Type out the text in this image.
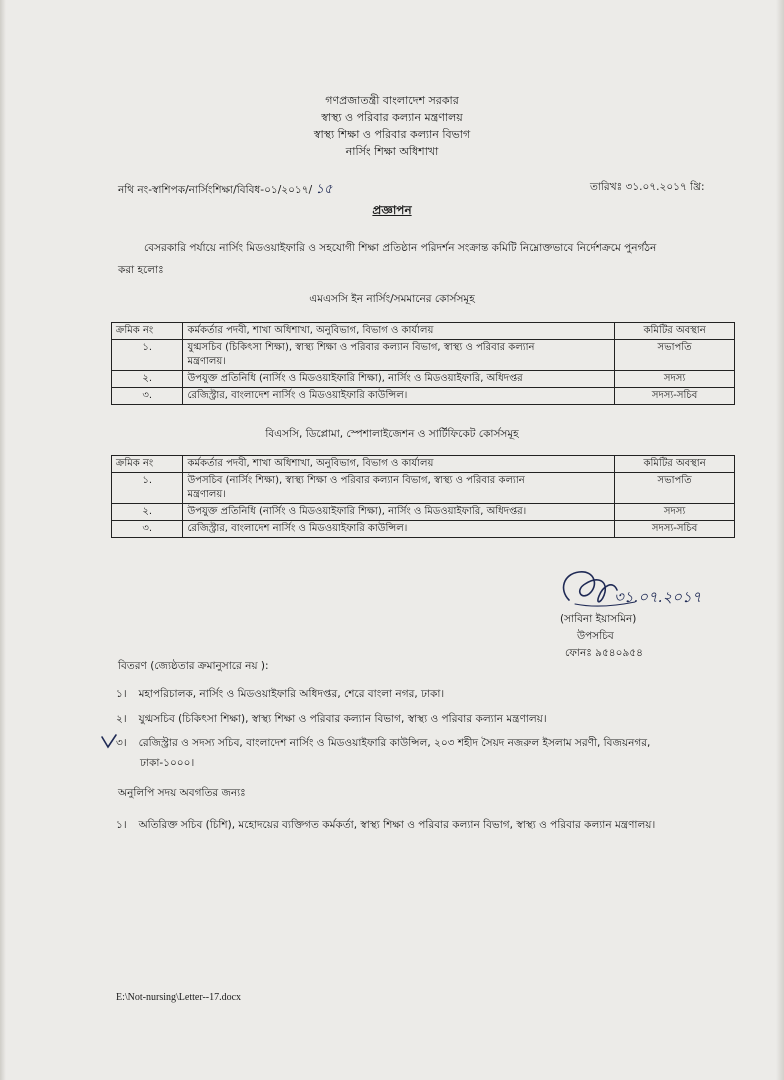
গণপ্রজাতন্ত্রী বাংলাদেশ সরকার
স্বাস্থ্য ও পরিবার কল্যান মন্ত্রণালয়
স্বাস্থ্য শিক্ষা ও পরিবার কল্যান বিভাগ
নার্সিং শিক্ষা অধিশাখা
নথি নং-স্বাশিপক/নার্সিংশিক্ষা/বিবিধ-০১/২০১৭/ ১৫	তারিখঃ ৩১.০৭.২০১৭ খ্রি:
প্রজ্ঞাপন
বেসরকারি পর্যায়ে নার্সিং মিডওয়াইফারি ও সহযোগী শিক্ষা প্রতিষ্ঠান পরিদর্শন সংক্রান্ত কমিটি নিম্নোক্তভাবে নির্দেশক্রমে পুনর্গঠন
করা হলোঃ
এমএসসি ইন নার্সিং/সমমানের কোর্সসমূহ
ক্রমিক নং	কর্মকর্তার পদবী, শাখা অধিশাখা, অনুবিভাগ, বিভাগ ও কার্যালয়	কমিটির অবস্থান
১.	যুগ্মসচিব (চিকিৎসা শিক্ষা), স্বাস্থ্য শিক্ষা ও পরিবার কল্যান বিভাগ, স্বাস্থ্য ও পরিবার কল্যান
মন্ত্রণালয়।	সভাপতি
২.	উপযুক্ত প্রতিনিধি (নার্সিং ও মিডওয়াইফারি শিক্ষা), নার্সিং ও মিডওয়াইফারি, অধিদপ্তর	সদস্য
৩.	রেজিস্ট্রার, বাংলাদেশ নার্সিং ও মিডওয়াইফারি কাউন্সিল।	সদস্য-সচিব
বিএসসি, ডিপ্লোমা, স্পেশালাইজেশন ও সার্টিফিকেট কোর্সসমূহ
ক্রমিক নং	কর্মকর্তার পদবী, শাখা অধিশাখা, অনুবিভাগ, বিভাগ ও কার্যালয়	কমিটির অবস্থান
১.	উপসচিব (নার্সিং শিক্ষা), স্বাস্থ্য শিক্ষা ও পরিবার কল্যান বিভাগ, স্বাস্থ্য ও পরিবার কল্যান
মন্ত্রণালয়।	সভাপতি
২.	উপযুক্ত প্রতিনিধি (নার্সিং ও মিডওয়াইফারি শিক্ষা), নার্সিং ও মিডওয়াইফারি, অধিদপ্তর।	সদস্য
৩.	রেজিস্ট্রার, বাংলাদেশ নার্সিং ও মিডওয়াইফারি কাউন্সিল।	সদস্য-সচিব
৩১.০৭.২০১৭
(সাবিনা ইয়াসমিন)
উপসচিব
ফোনঃ ৯৫৪০৯৫৪
বিতরণ (জ্যেষ্ঠতার ক্রমানুসারে নয় ):
১। মহাপরিচালক, নার্সিং ও মিডওয়াইফারি অধিদপ্তর, শেরে বাংলা নগর, ঢাকা।
২। যুগ্মসচিব (চিকিৎসা শিক্ষা), স্বাস্থ্য শিক্ষা ও পরিবার কল্যান বিভাগ, স্বাস্থ্য ও পরিবার কল্যান মন্ত্রণালয়।
৩। রেজিস্ট্রার ও সদস্য সচিব, বাংলাদেশ নার্সিং ও মিডওয়াইফারি কাউন্সিল, ২০৩ শহীদ সৈয়দ নজরুল ইসলাম সরণী, বিজয়নগর,
ঢাকা-১০০০।
অনুলিপি সদয় অবগতির জন্যঃ
১। অতিরিক্ত সচিব (চিশি), মহোদয়ের ব্যক্তিগত কর্মকর্তা, স্বাস্থ্য শিক্ষা ও পরিবার কল্যান বিভাগ, স্বাস্থ্য ও পরিবার কল্যান মন্ত্রণালয়।
E:\Not-nursing\Letter--17.docx
